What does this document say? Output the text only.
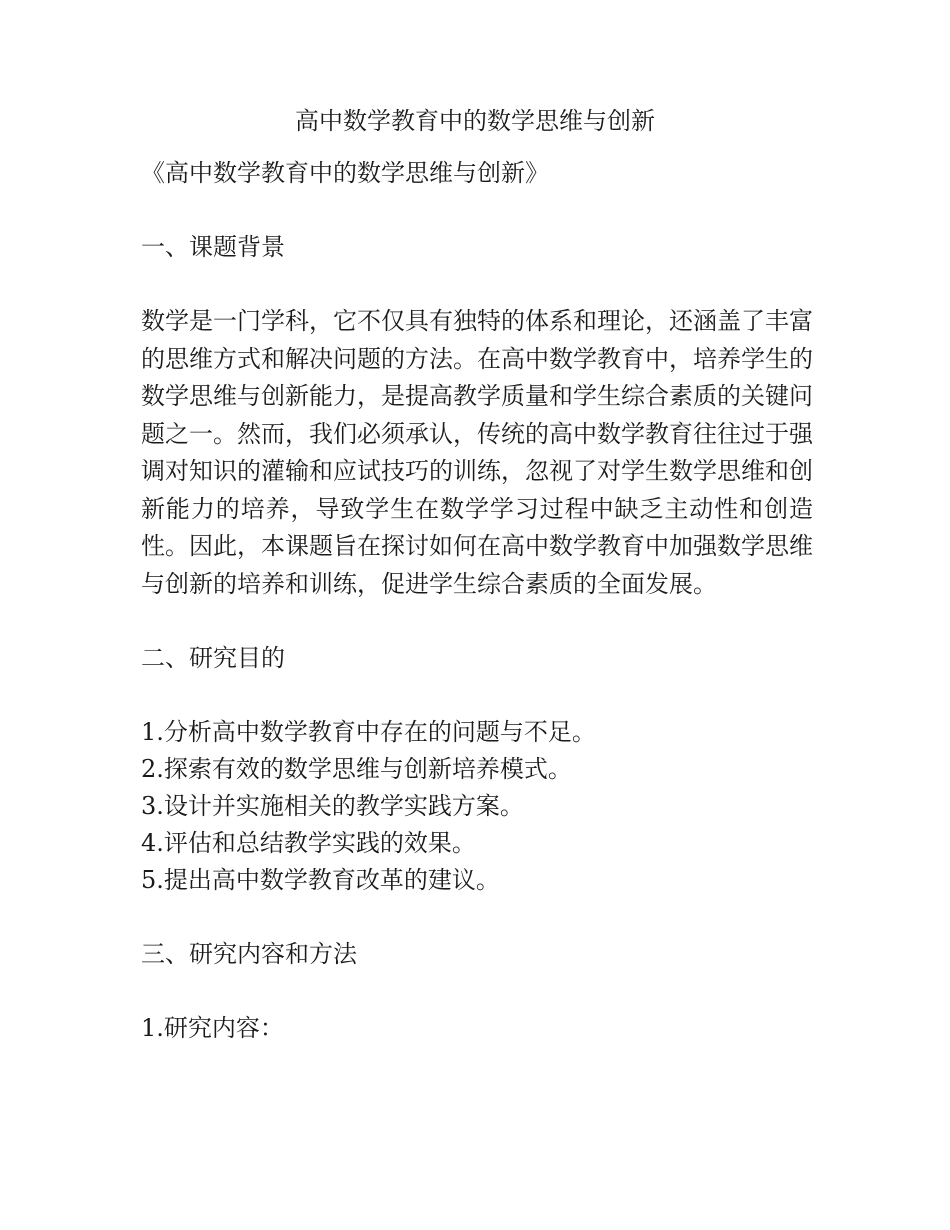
高中数学教育中的数学思维与创新
《高中数学教育中的数学思维与创新》
一、课题背景
数学是一门学科，它不仅具有独特的体系和理论，还涵盖了丰富的思维方式和解决问题的方法。在高中数学教育中，培养学生的数学思维与创新能力，是提高教学质量和学生综合素质的关键问题之一。然而，我们必须承认，传统的高中数学教育往往过于强调对知识的灌输和应试技巧的训练，忽视了对学生数学思维和创新能力的培养，导致学生在数学学习过程中缺乏主动性和创造性。因此，本课题旨在探讨如何在高中数学教育中加强数学思维与创新的培养和训练，促进学生综合素质的全面发展。
二、研究目的
1.分析高中数学教育中存在的问题与不足。
2.探索有效的数学思维与创新培养模式。
3.设计并实施相关的教学实践方案。
4.评估和总结教学实践的效果。
5.提出高中数学教育改革的建议。
三、研究内容和方法
1.研究内容：
